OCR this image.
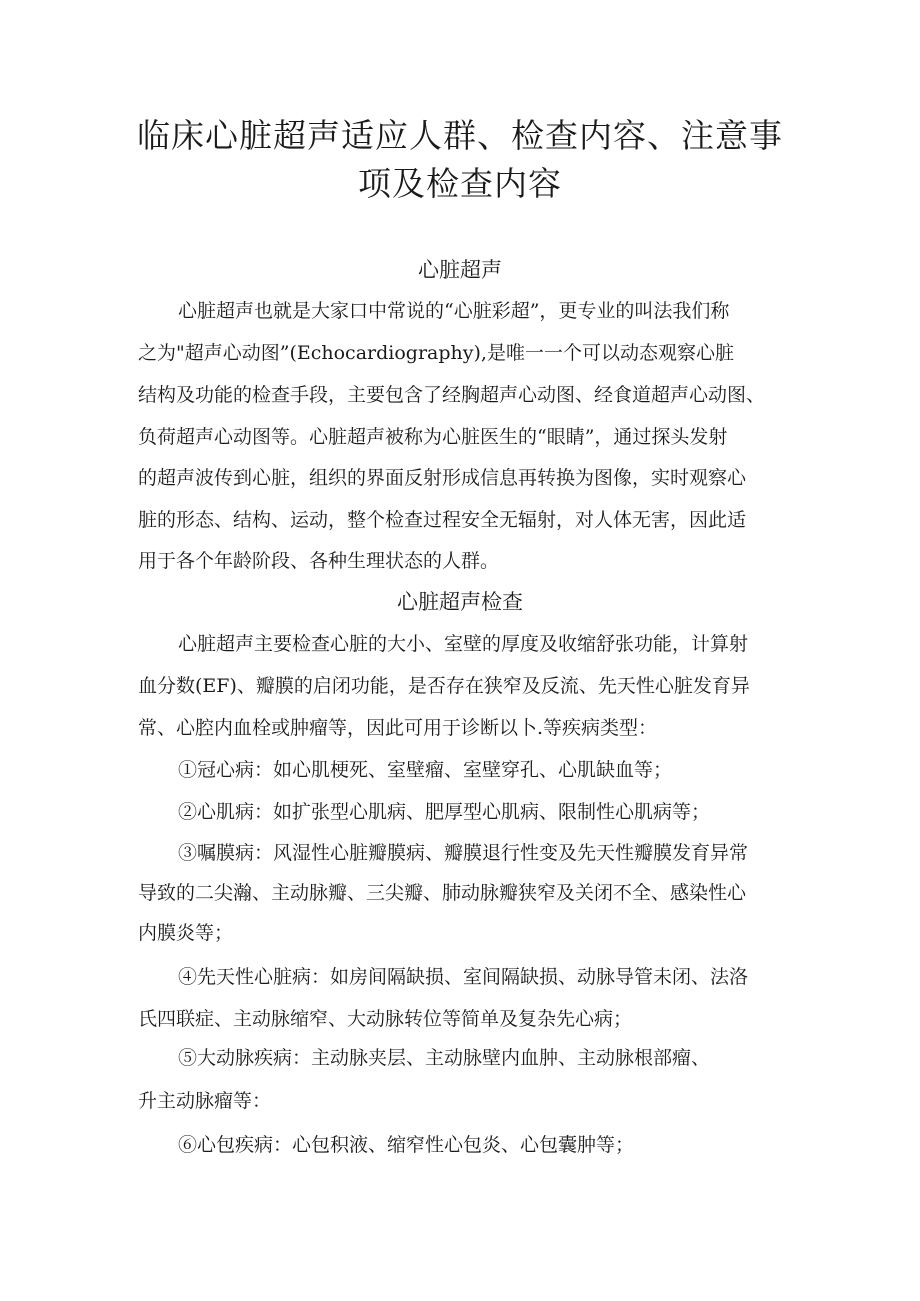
临床心脏超声适应人群、检查内容、注意事
项及检查内容
心脏超声

心脏超声也就是大家口中常说的“心脏彩超”，更专业的叫法我们称

之为"超声心动图”(Echocardiography),是唯一一个可以动态观察心脏

结构及功能的检查手段，主要包含了经胸超声心动图、经食道超声心动图、

负荷超声心动图等。心脏超声被称为心脏医生的“眼睛”，通过探头发射

的超声波传到心脏，组织的界面反射形成信息再转换为图像，实时观察心

脏的形态、结构、运动，整个检查过程安全无辐射，对人体无害，因此适

用于各个年龄阶段、各种生理状态的人群。

心脏超声检查

心脏超声主要检查心脏的大小、室壁的厚度及收缩舒张功能，计算射

血分数(EF)、瓣膜的启闭功能，是否存在狭窄及反流、先天性心脏发育异

常、心腔内血栓或肿瘤等，因此可用于诊断以卜.等疾病类型：

①冠心病：如心肌梗死、室壁瘤、室壁穿孔、心肌缺血等；

②心肌病：如扩张型心肌病、肥厚型心肌病、限制性心肌病等；

③嘱膜病：风湿性心脏瓣膜病、瓣膜退行性变及先天性瓣膜发育异常

导致的二尖瀚、主动脉瓣、三尖瓣、肺动脉瓣狭窄及关闭不全、感染性心

内膜炎等；

④先天性心脏病：如房间隔缺损、室间隔缺损、动脉导管未闭、法洛

氏四联症、主动脉缩窄、大动脉转位等简单及复杂先心病；

⑤大动脉疾病：主动脉夹层、主动脉壁内血肿、主动脉根部瘤、

升主动脉瘤等：

⑥心包疾病：心包积液、缩窄性心包炎、心包囊肿等；
